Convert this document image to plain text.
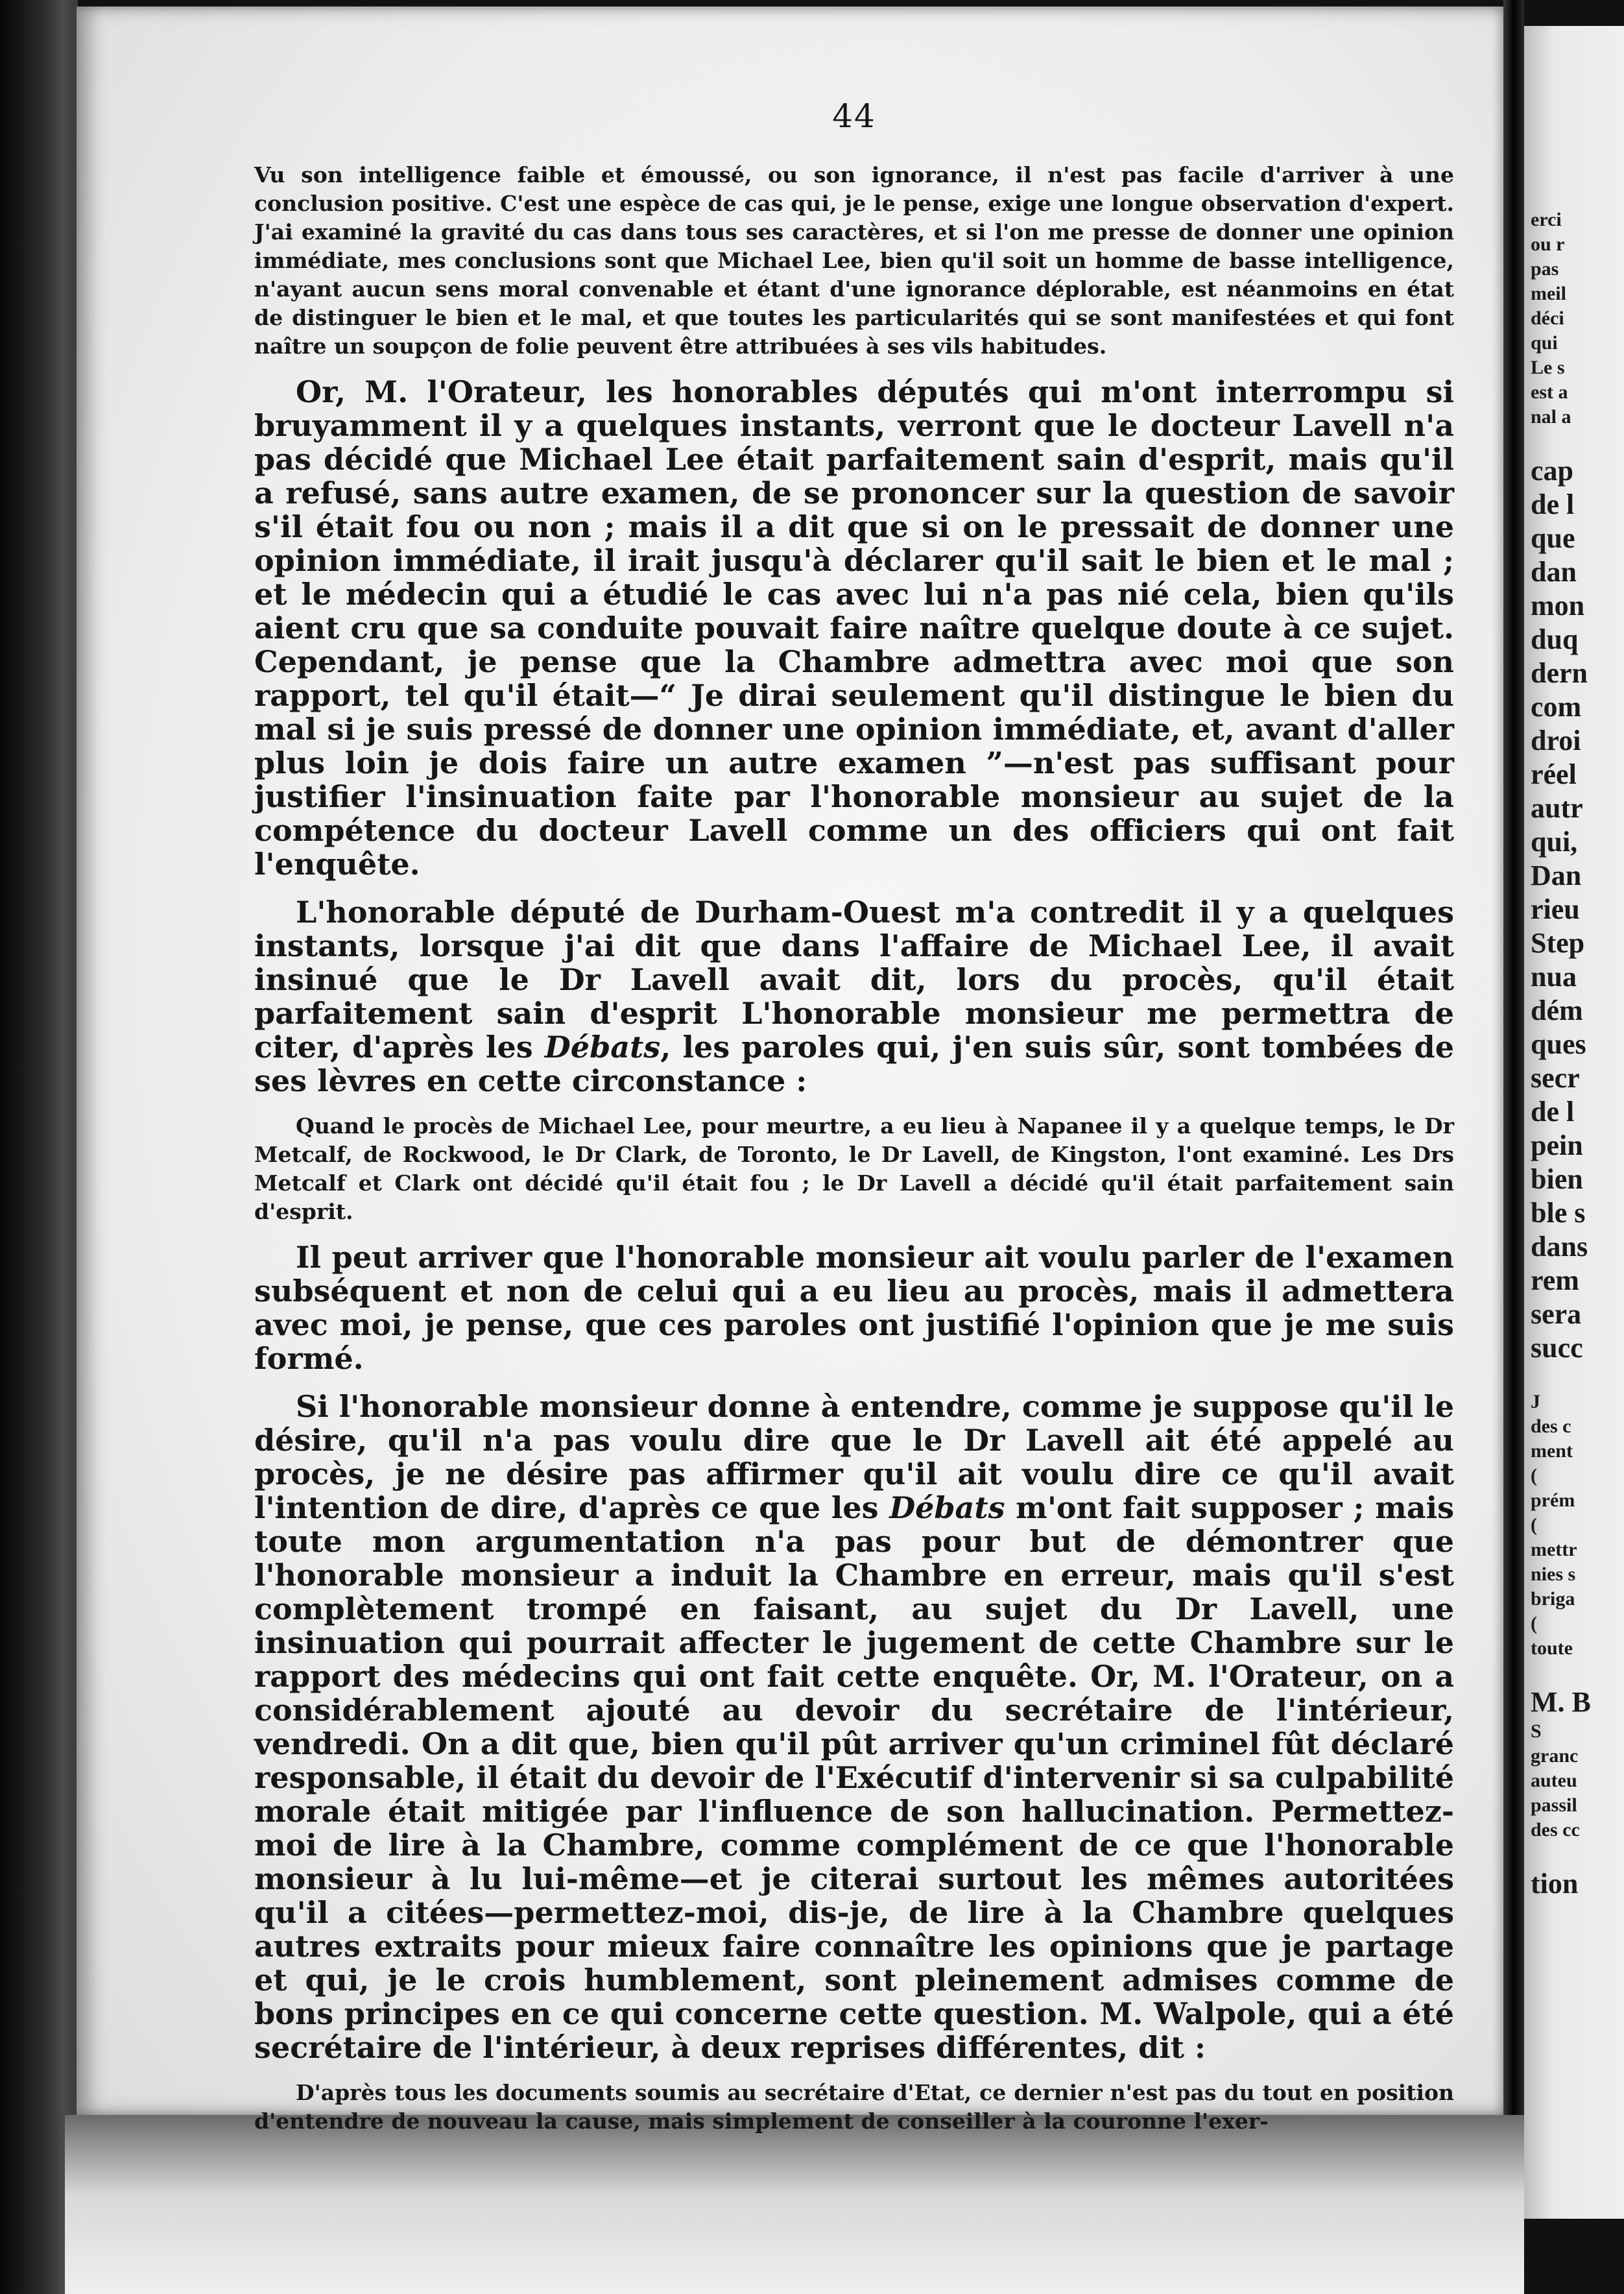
erci
ou r
pas
meil
déci
qui
Le s
est a
nal a

cap
de l
que
dan
mon
duq
dern
com
droi
réel
autr
qui,
Dan
rieu
Step
nua
dém
ques
secr
de l
pein
bien
ble s
dans
rem
sera
succ

J
des c
ment
(
prém
(
mettr
nies s
briga
(
toute

M. B
S
granc
auteu
passil
des cc

tion
44

Vu son intelligence faible et émoussé, ou son ignorance, il n'est pas facile d'arriver à une conclusion positive. C'est une espèce de cas qui, je le pense, exige une longue observation d'expert. J'ai examiné la gravité du cas dans tous ses caractères, et si l'on me presse de donner une opinion immédiate, mes conclusions sont que Michael Lee, bien qu'il soit un homme de basse intelligence, n'ayant aucun sens moral convenable et étant d'une ignorance déplorable, est néanmoins en état de distinguer le bien et le mal, et que toutes les particularités qui se sont manifestées et qui font naître un soupçon de folie peuvent être attribuées à ses vils habitudes.

Or, M. l'Orateur, les honorables députés qui m'ont interrompu si bruyamment il y a quelques instants, verront que le docteur Lavell n'a pas décidé que Michael Lee était parfaitement sain d'esprit, mais qu'il a refusé, sans autre examen, de se prononcer sur la question de savoir s'il était fou ou non ; mais il a dit que si on le pressait de donner une opinion immédiate, il irait jusqu'à déclarer qu'il sait le bien et le mal ; et le médecin qui a étudié le cas avec lui n'a pas nié cela, bien qu'ils aient cru que sa conduite pouvait faire naître quelque doute à ce sujet. Cependant, je pense que la Chambre admettra avec moi que son rapport, tel qu'il était—“ Je dirai seulement qu'il distingue le bien du mal si je suis pressé de donner une opinion immédiate, et, avant d'aller plus loin je dois faire un autre examen ”—n'est pas suffisant pour justifier l'insinuation faite par l'honorable monsieur au sujet de la compétence du docteur Lavell comme un des officiers qui ont fait l'enquête.

L'honorable député de Durham-Ouest m'a contredit il y a quelques instants, lorsque j'ai dit que dans l'affaire de Michael Lee, il avait insinué que le Dr Lavell avait dit, lors du procès, qu'il était parfaitement sain d'esprit L'honorable monsieur me permettra de citer, d'après les Débats, les paroles qui, j'en suis sûr, sont tombées de ses lèvres en cette circonstance :

Quand le procès de Michael Lee, pour meurtre, a eu lieu à Napanee il y a quelque temps, le Dr Metcalf, de Rockwood, le Dr Clark, de Toronto, le Dr Lavell, de Kingston, l'ont examiné. Les Drs Metcalf et Clark ont décidé qu'il était fou ; le Dr Lavell a décidé qu'il était parfaitement sain d'esprit.

Il peut arriver que l'honorable monsieur ait voulu parler de l'examen subséquent et non de celui qui a eu lieu au procès, mais il admettera avec moi, je pense, que ces paroles ont justifié l'opinion que je me suis formé.

Si l'honorable monsieur donne à entendre, comme je suppose qu'il le désire, qu'il n'a pas voulu dire que le Dr Lavell ait été appelé au procès, je ne désire pas affirmer qu'il ait voulu dire ce qu'il avait l'intention de dire, d'après ce que les Débats m'ont fait supposer ; mais toute mon argumentation n'a pas pour but de démontrer que l'honorable monsieur a induit la Chambre en erreur, mais qu'il s'est complètement trompé en faisant, au sujet du Dr Lavell, une insinuation qui pourrait affecter le jugement de cette Chambre sur le rapport des médecins qui ont fait cette enquête. Or, M. l'Orateur, on a considérablement ajouté au devoir du secrétaire de l'intérieur, vendredi. On a dit que, bien qu'il pût arriver qu'un criminel fût déclaré responsable, il était du devoir de l'Exécutif d'intervenir si sa culpabilité morale était mitigée par l'influence de son hallucination. Permettez-moi de lire à la Chambre, comme complément de ce que l'honorable monsieur à lu lui-même—et je citerai surtout les mêmes autoritées qu'il a citées—permettez-moi, dis-je, de lire à la Chambre quelques autres extraits pour mieux faire connaître les opinions que je partage et qui, je le crois humblement, sont pleinement admises comme de bons principes en ce qui concerne cette question. M. Walpole, qui a été secrétaire de l'intérieur, à deux reprises différentes, dit :

D'après tous les documents soumis au secrétaire d'Etat, ce dernier n'est pas du tout en position d'entendre de nouveau la cause, mais simplement de conseiller à la couronne l'exer-
